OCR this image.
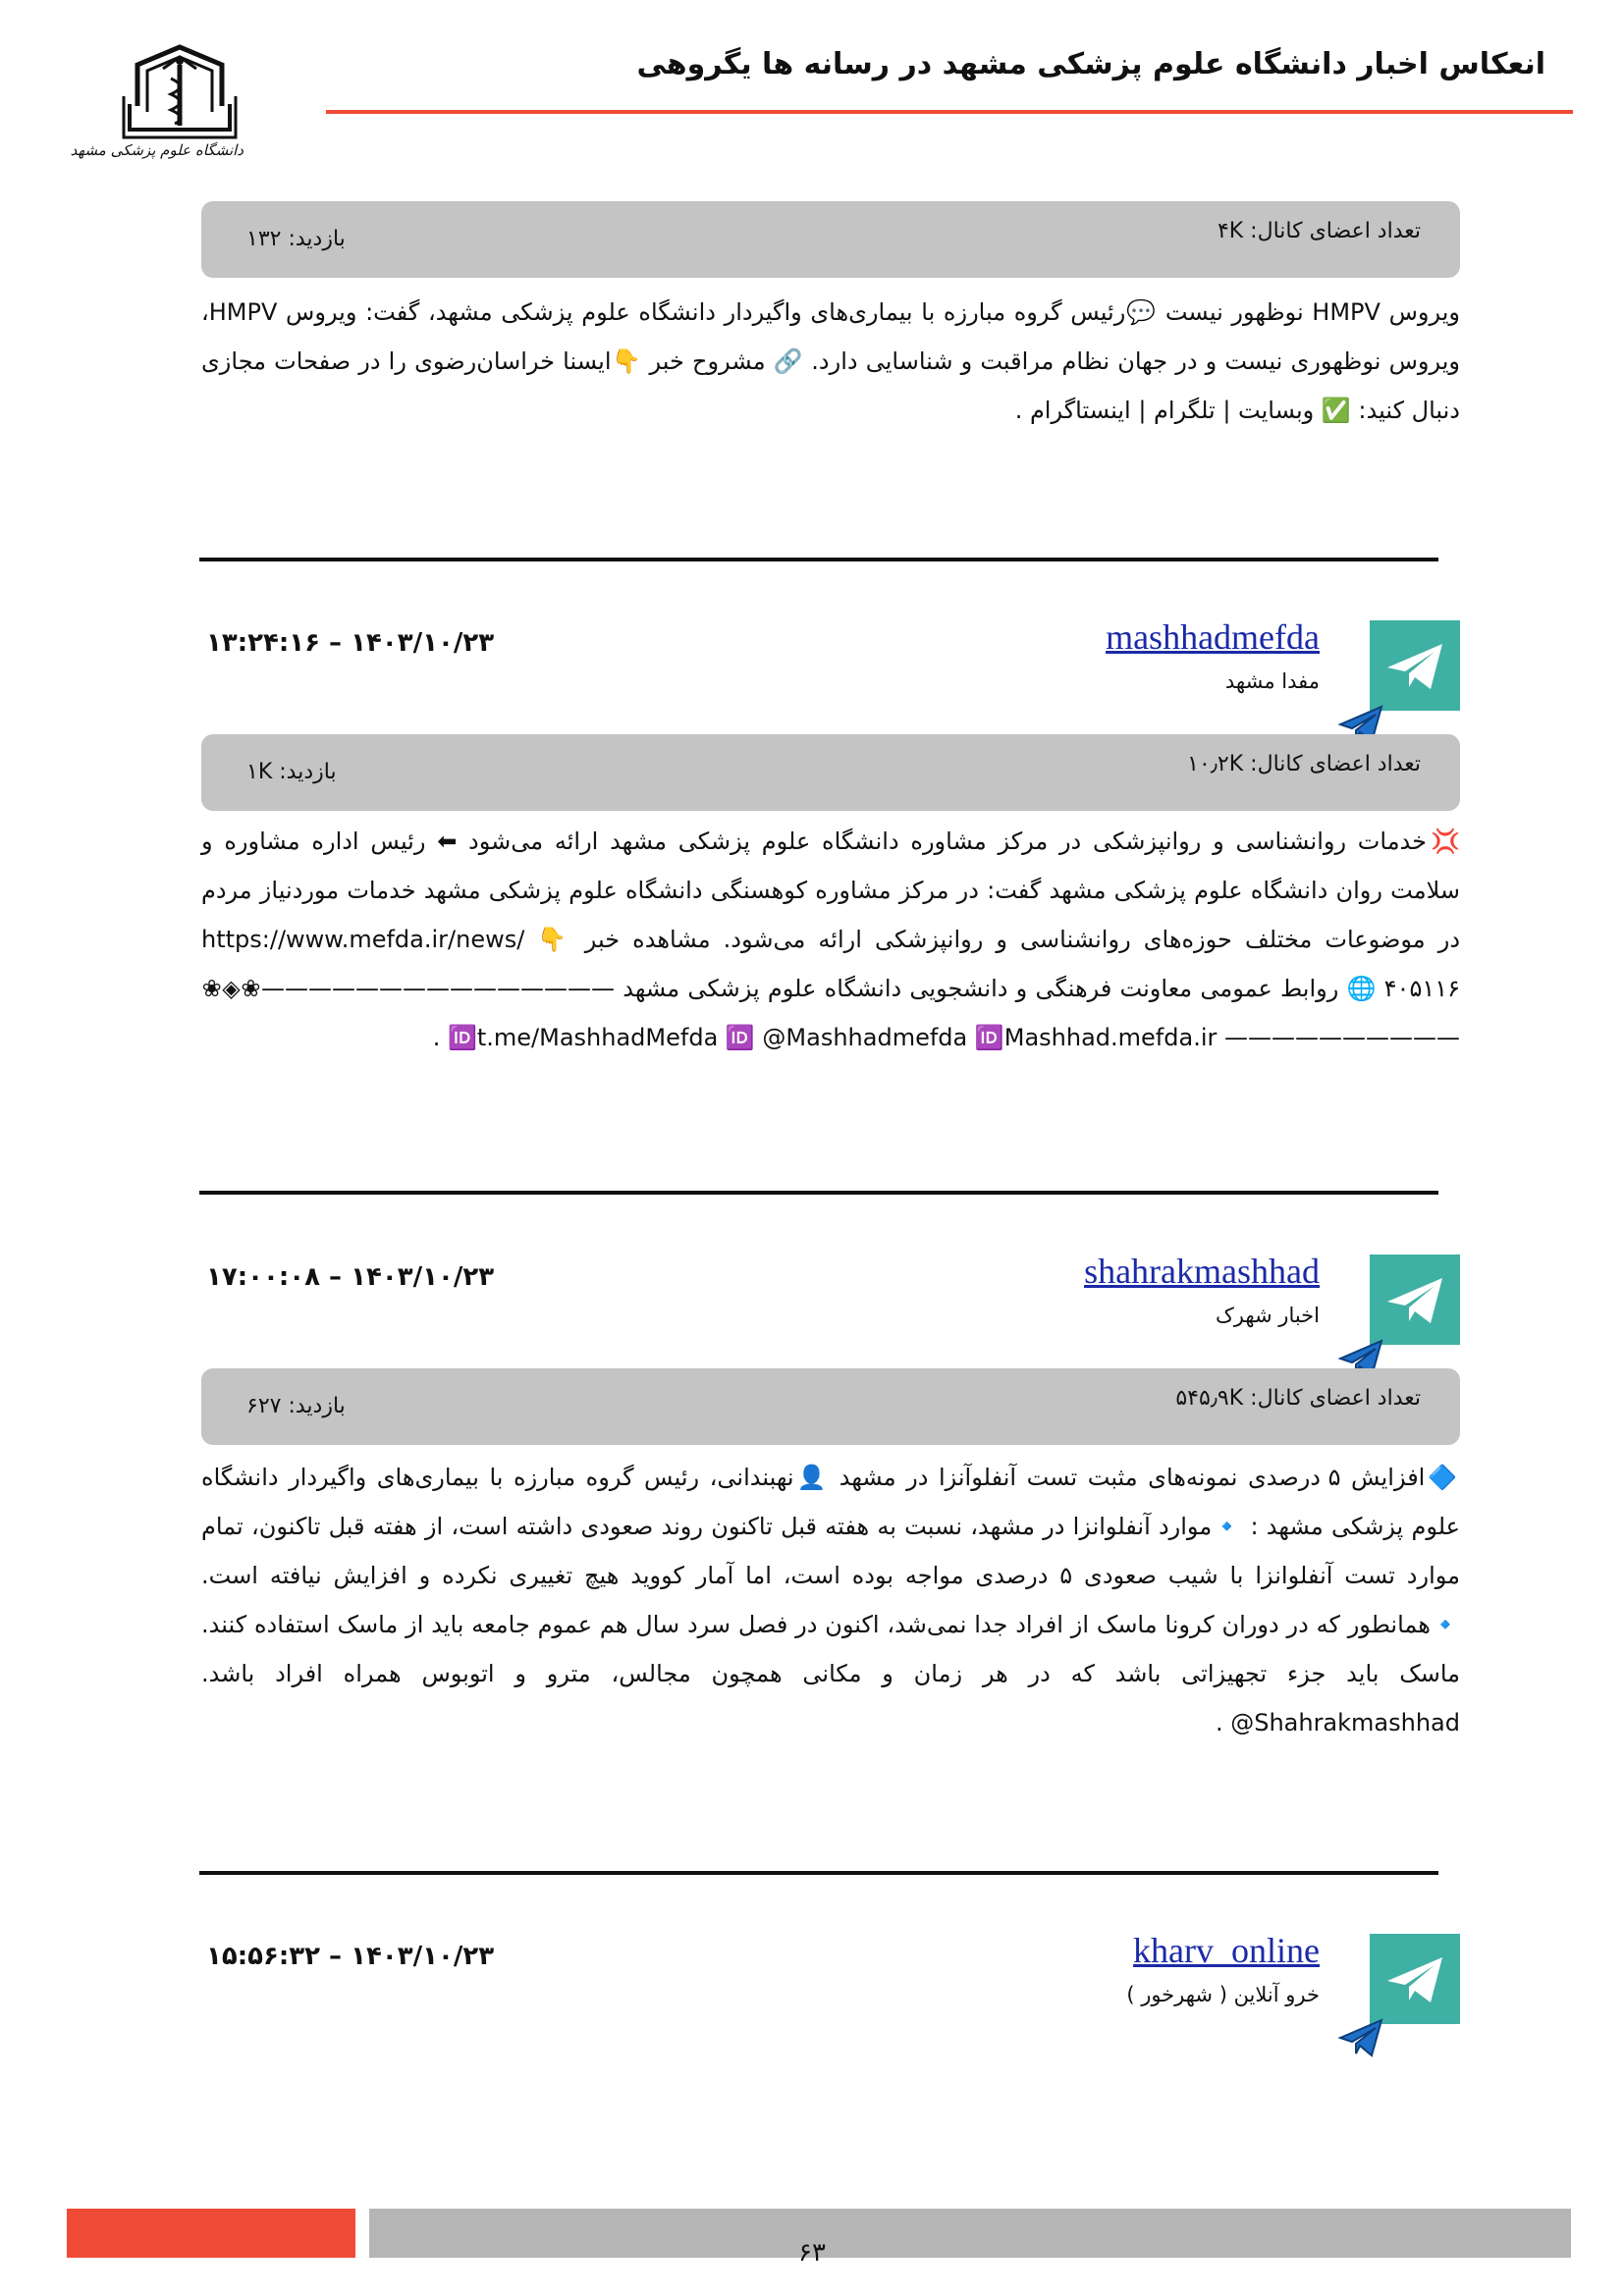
دانشگاه علوم پزشکی مشهد
انعکاس اخبار دانشگاه علوم پزشکی مشهد در رسانه ها یگروهی
تعداد اعضای کانال: ۴K
بازدید: ۱۳۲
ویروس HMPV نوظهور نیست 💬رئیس گروه مبارزه با بیماری‌های واگیردار دانشگاه علوم پزشکی مشهد، گفت: ویروس HMPV، ویروس نوظهوری نیست و در جهان نظام مراقبت و شناسایی دارد. 🔗 مشروح خبر 👇ایسنا خراسان‌رضوی را در صفحات مجازی دنبال کنید: ✅ وبسایت | تلگرام | اینستاگرام .
mashhadmefda
مفدا مشهد
۱۳:۲۴:۱۶ – ۱۴۰۳/۱۰/۲۳
تعداد اعضای کانال: ۱۰٫۲K
بازدید: ۱K
💢خدمات روانشناسی و روانپزشکی در مرکز مشاوره دانشگاه علوم پزشکی مشهد ارائه می‌شود ⬅ رئیس اداره مشاوره و سلامت روان دانشگاه علوم پزشکی مشهد گفت: در مرکز مشاوره کوهسنگی دانشگاه علوم پزشکی مشهد خدمات موردنیاز مردم در موضوعات مختلف حوزه‌های روانشناسی و روانپزشکی ارائه می‌شود. مشاهده خبر 👇 https://www.mefda.ir/news/۴۰۵۱۱۶ 🌐 روابط عمومی معاونت فرهنگی و دانشجویی دانشگاه علوم پزشکی مشهد ———————————————❀◈❀—————————— 🆔t.me/MashhadMefda 🆔 @Mashhadmefda 🆔Mashhad.mefda.ir .
shahrakmashhad
اخبار شهرک
۱۷:۰۰:۰۸ – ۱۴۰۳/۱۰/۲۳
تعداد اعضای کانال: ۵۴۵٫۹K
بازدید: ۶۲۷
🔷افزایش ۵ درصدی نمونه‌های مثبت تست آنفلوآنزا در مشهد 👤نهبندانی، رئیس گروه مبارزه با بیماری‌های واگیردار دانشگاه علوم پزشکی مشهد : 🔹موارد آنفلوانزا در مشهد، نسبت به هفته قبل تاکنون روند صعودی داشته است، از هفته قبل تاکنون، تمام موارد تست آنفلوانزا با شیب صعودی ۵ درصدی مواجه بوده است، اما آمار کووید هیچ تغییری نکرده و افزایش نیافته است. 🔹همانطور که در دوران کرونا ماسک از افراد جدا نمی‌شد، اکنون در فصل سرد سال هم عموم جامعه باید از ماسک استفاده کنند. ماسک باید جزء تجهیزاتی باشد که در هر زمان و مکانی همچون مجالس، مترو و اتوبوس همراه افراد باشد. Shahrakmashhad@ .
kharv_online
خرو آنلاین ( شهرخور )
۱۵:۵۶:۳۲ – ۱۴۰۳/۱۰/۲۳
۶۳
